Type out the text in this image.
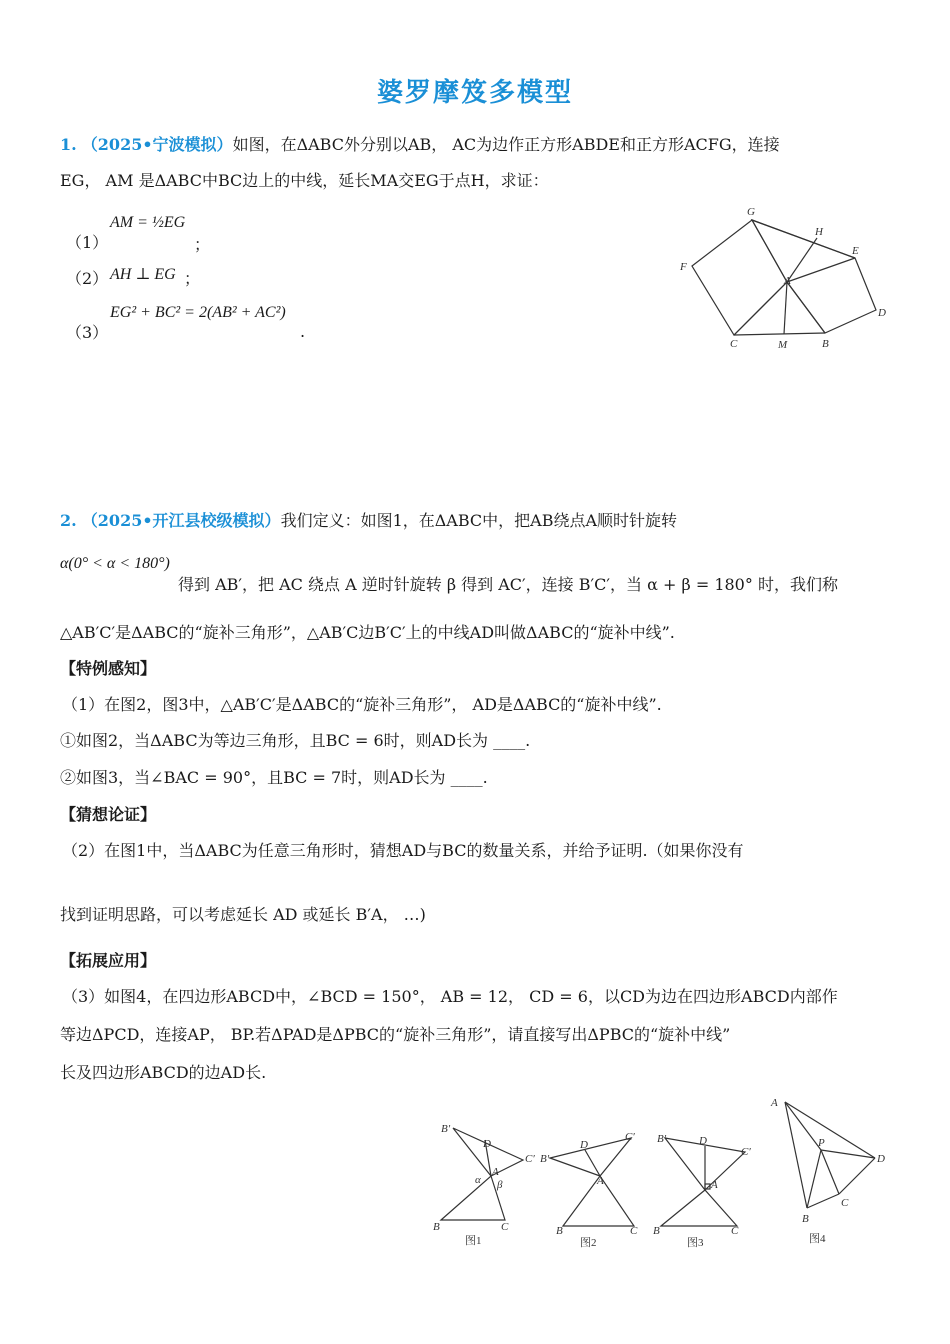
婆罗摩笈多模型
1. （2025•宁波模拟）如图，在ΔABC外分别以AB， AC为边作正方形ABDE和正方形ACFG，连接
EG， AM 是ΔABC中BC边上的中线，延长MA交EG于点H，求证：
（1）
AM = ½EG
；
（2） AH ⊥ EG ；
（3）
EG² + BC² = 2(AB² + AC²)
.
G
H
E
F
A
D
C	M	B
2. （2025•开江县校级模拟）我们定义：如图1，在ΔABC中，把AB绕点A顺时针旋转
α(0° < α < 180°)
得到 AB′，把 AC 绕点 A 逆时针旋转 β 得到 AC′，连接 B′C′，当 α + β = 180° 时，我们称
△AB′C′是ΔABC的“旋补三角形”，△AB′C边B′C′上的中线AD叫做ΔABC的“旋补中线”.
【特例感知】
（1）在图2，图3中，△AB′C′是ΔABC的“旋补三角形”， AD是ΔABC的“旋补中线”.
①如图2，当ΔABC为等边三角形，且BC = 6时，则AD长为 ____.
②如图3，当∠BAC = 90°，且BC = 7时，则AD长为 ____.
【猜想论证】
（2）在图1中，当ΔABC为任意三角形时，猜想AD与BC的数量关系，并给予证明.（如果你没有
找到证明思路，可以考虑延长 AD 或延长 B′A， …)
【拓展应用】
（3）如图4，在四边形ABCD中，∠BCD = 150°， AB = 12， CD = 6，以CD为边在四边形ABCD内部作
等边ΔPCD，连接AP， BP.若ΔPAD是ΔPBC的“旋补三角形”，请直接写出ΔPBC的“旋补中线”
长及四边形ABCD的边AD长.
B′
D
C′
A
α β
B	C
B′
D
C′
A
B	C
B′	D
C′
A
B	C
A
P
D
C
B
图1	图2	图3	图4
